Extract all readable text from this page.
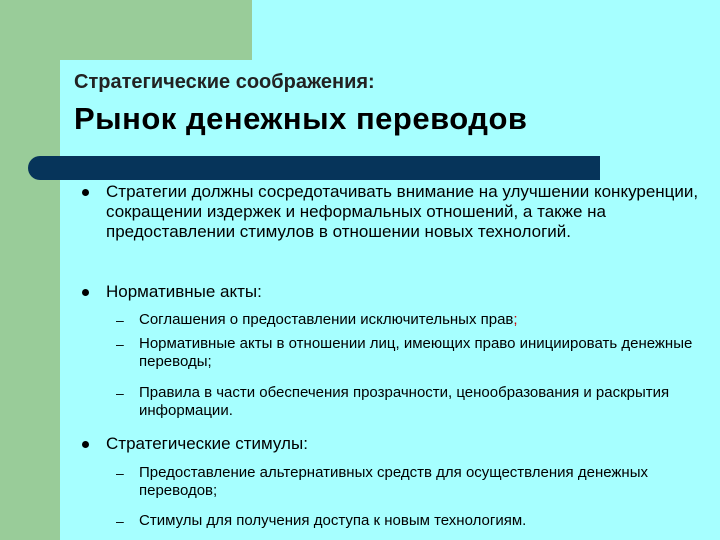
Стратегические соображения:
Рынок денежных переводов
Стратегии должны сосредотачивать внимание на улучшении конкуренции, сокращении издержек и неформальных отношений, а также на предоставлении стимулов в отношении новых технологий.
Нормативные акты:
– Соглашения о предоставлении исключительных прав;
– Нормативные акты в отношении лиц, имеющих право инициировать денежные переводы;
– Правила в части обеспечения прозрачности, ценообразования и раскрытия информации.
Стратегические стимулы:
– Предоставление альтернативных средств для осуществления денежных переводов;
– Стимулы для получения доступа к новым технологиям.
